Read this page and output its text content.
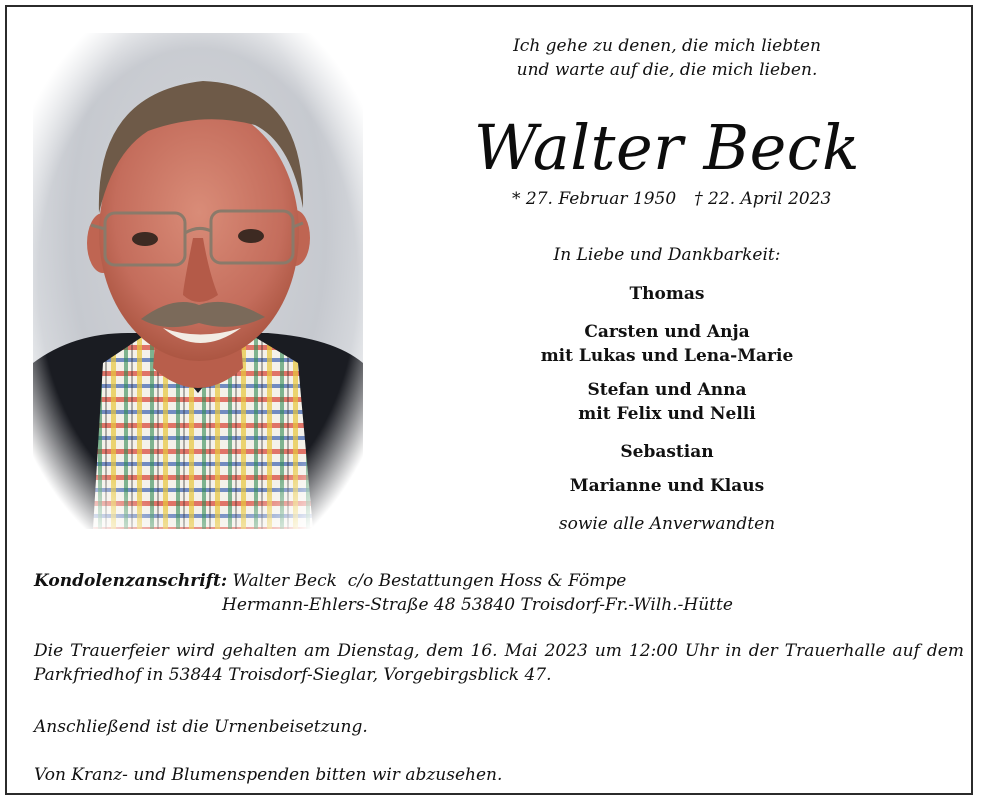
Ich gehe zu denen, die mich liebten
und warte auf die, die mich lieben.
Walter Beck
* 27. Februar 1950 † 22. April 2023
In Liebe und Dankbarkeit:
Thomas
Carsten und Anja
mit Lukas und Lena-Marie
Stefan und Anna
mit Felix und Nelli
Sebastian
Marianne und Klaus
sowie alle Anverwandten
Kondolenzanschrift: Walter Beck  c/o Bestattungen Hoss & Fömpe
Hermann-Ehlers-Straße 48 53840 Troisdorf-Fr.-Wilh.-Hütte
Die Trauerfeier wird gehalten am Dienstag, dem 16. Mai 2023 um 12:00 Uhr in der Trauerhalle auf dem Parkfriedhof in 53844 Troisdorf-Sieglar, Vorgebirgsblick 47.
Anschließend ist die Urnenbeisetzung.
Von Kranz- und Blumenspenden bitten wir abzusehen.
